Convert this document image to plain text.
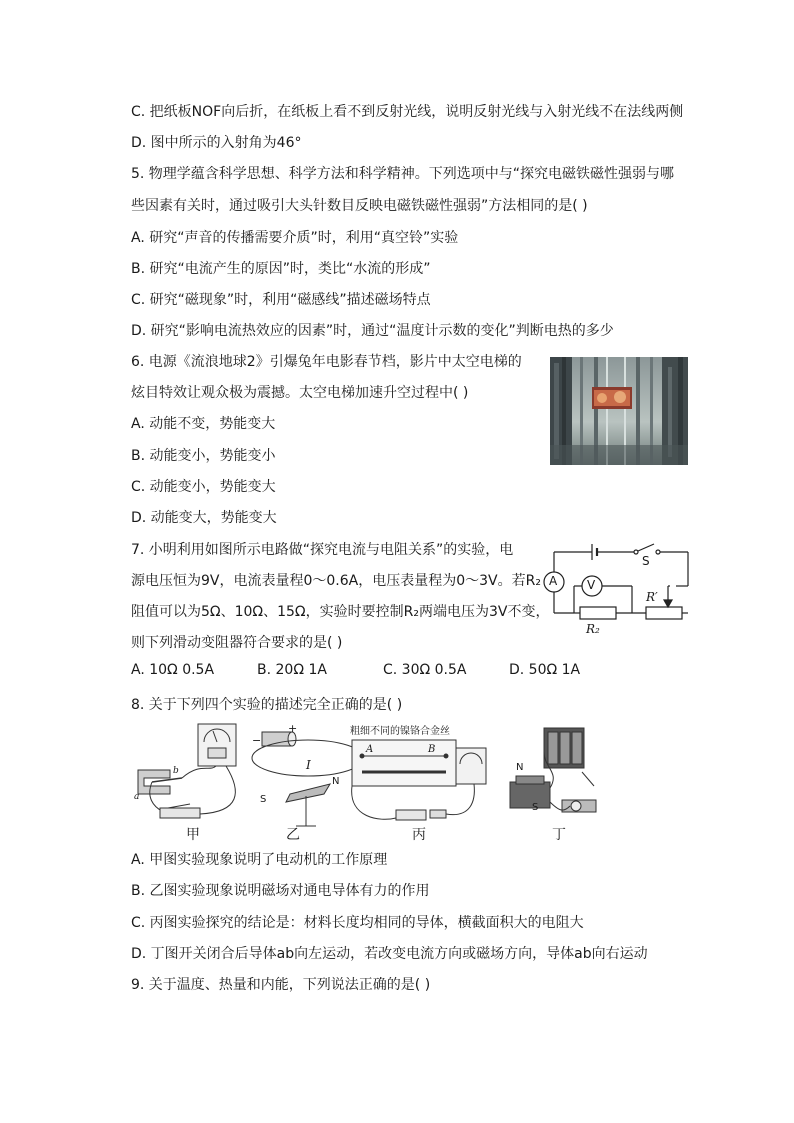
C. 把纸板NOF向后折，在纸板上看不到反射光线，说明反射光线与入射光线不在法线两侧
D. 图中所示的入射角为46°
5. 物理学蕴含科学思想、科学方法和科学精神。下列选项中与“探究电磁铁磁性强弱与哪
些因素有关时，通过吸引大头针数目反映电磁铁磁性强弱”方法相同的是( )
A. 研究“声音的传播需要介质”时，利用“真空铃”实验
B. 研究“电流产生的原因”时，类比“水流的形成”
C. 研究“磁现象”时，利用“磁感线”描述磁场特点
D. 研究“影响电流热效应的因素”时，通过“温度计示数的变化”判断电热的多少
6. 电源《流浪地球2》引爆兔年电影春节档，影片中太空电梯的
炫目特效让观众极为震撼。太空电梯加速升空过程中( )
A. 动能不变，势能变大
B. 动能变小，势能变小
C. 动能变小，势能变大
D. 动能变大，势能变大
7. 小明利用如图所示电路做“探究电流与电阻关系”的实验，电
源电压恒为9V，电流表量程0～0.6A，电压表量程为0～3V。若R₂
阻值可以为5Ω、10Ω、15Ω，实验时要控制R₂两端电压为3V不变，
则下列滑动变阻器符合要求的是( )
A V
S
R′
R₂
A. 10Ω 0.5A	B. 20Ω 1A	C. 30Ω 0.5A	D. 50Ω 1A
8. 关于下列四个实验的描述完全正确的是( )
a
b
+
−
I
N
S
粗细不同的镍铬合金丝
A	B
N
S
甲	乙	丙	丁
A. 甲图实验现象说明了电动机的工作原理
B. 乙图实验现象说明磁场对通电导体有力的作用
C. 丙图实验探究的结论是：材料长度均相同的导体，横截面积大的电阻大
D. 丁图开关闭合后导体ab向左运动，若改变电流方向或磁场方向，导体ab向右运动
9. 关于温度、热量和内能，下列说法正确的是( )
